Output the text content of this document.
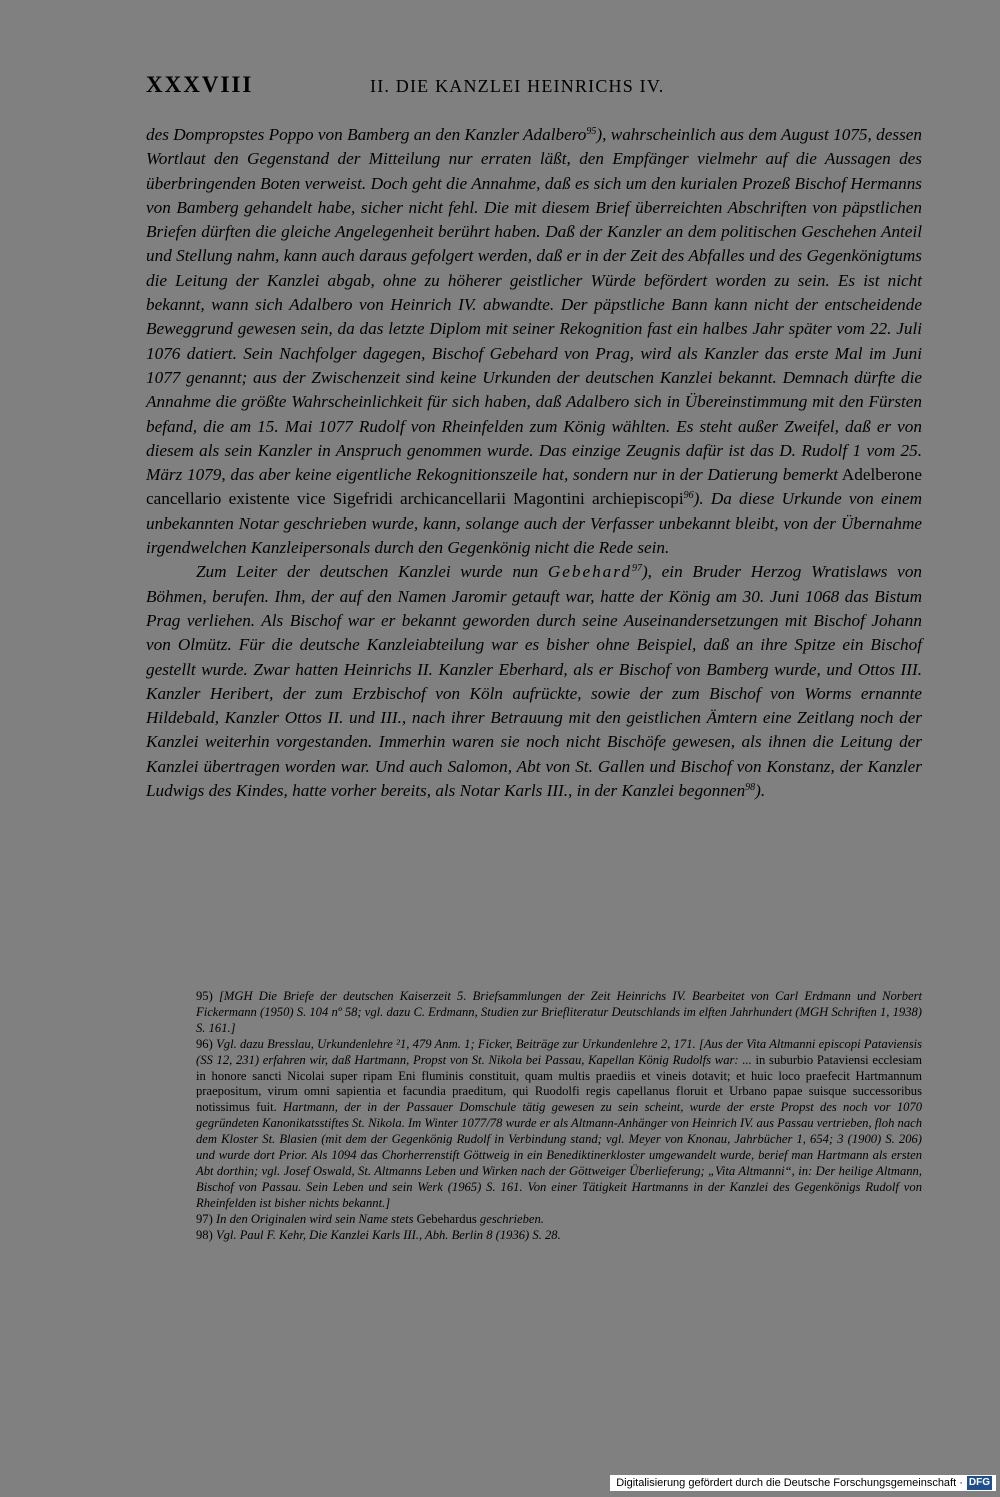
XXXVIII	II. DIE KANZLEI HEINRICHS IV.

des Dompropstes Poppo von Bamberg an den Kanzler Adalbero$^{95}$), wahrscheinlich aus dem August 1075, dessen Wortlaut den Gegenstand der Mitteilung nur erraten läßt, den Empfänger vielmehr auf die Aussagen des überbringenden Boten verweist. Doch geht die Annahme, daß es sich um den kurialen Prozeß Bischof Hermanns von Bamberg gehandelt habe, sicher nicht fehl. Die mit diesem Brief überreichten Abschriften von päpstlichen Briefen dürften die gleiche Angelegenheit berührt haben. Daß der Kanzler an dem politischen Geschehen Anteil und Stellung nahm, kann auch daraus gefolgert werden, daß er in der Zeit des Abfalles und des Gegenkönigtums die Leitung der Kanzlei abgab, ohne zu höherer geistlicher Würde befördert worden zu sein. Es ist nicht bekannt, wann sich Adalbero von Heinrich IV. abwandte. Der päpstliche Bann kann nicht der entscheidende Beweggrund gewesen sein, da das letzte Diplom mit seiner Rekognition fast ein halbes Jahr später vom 22. Juli 1076 datiert. Sein Nachfolger dagegen, Bischof Gebehard von Prag, wird als Kanzler das erste Mal im Juni 1077 genannt; aus der Zwischenzeit sind keine Urkunden der deutschen Kanzlei bekannt. Demnach dürfte die Annahme die größte Wahrscheinlichkeit für sich haben, daß Adalbero sich in Übereinstimmung mit den Fürsten befand, die am 15. Mai 1077 Rudolf von Rheinfelden zum König wählten. Es steht außer Zweifel, daß er von diesem als sein Kanzler in Anspruch genommen wurde. Das einzige Zeugnis dafür ist das D. Rudolf 1 vom 25. März 1079, das aber keine eigentliche Rekognitionszeile hat, sondern nur in der Datierung bemerkt Adelberone cancellario existente vice Sigefridi archicancellarii Magontini archiepiscopi$^{96}$). Da diese Urkunde von einem unbekannten Notar geschrieben wurde, kann, solange auch der Verfasser unbekannt bleibt, von der Übernahme irgendwelchen Kanzleipersonals durch den Gegenkönig nicht die Rede sein.

Zum Leiter der deutschen Kanzlei wurde nun Gebehard$^{97}$), ein Bruder Herzog Wratislaws von Böhmen, berufen. Ihm, der auf den Namen Jaromir getauft war, hatte der König am 30. Juni 1068 das Bistum Prag verliehen. Als Bischof war er bekannt geworden durch seine Auseinandersetzungen mit Bischof Johann von Olmütz. Für die deutsche Kanzleiabteilung war es bisher ohne Beispiel, daß an ihre Spitze ein Bischof gestellt wurde. Zwar hatten Heinrichs II. Kanzler Eberhard, als er Bischof von Bamberg wurde, und Ottos III. Kanzler Heribert, der zum Erzbischof von Köln aufrückte, sowie der zum Bischof von Worms ernannte Hildebald, Kanzler Ottos II. und III., nach ihrer Betrauung mit den geistlichen Ämtern eine Zeitlang noch der Kanzlei weiterhin vorgestanden. Immerhin waren sie noch nicht Bischöfe gewesen, als ihnen die Leitung der Kanzlei übertragen worden war. Und auch Salomon, Abt von St. Gallen und Bischof von Konstanz, der Kanzler Ludwigs des Kindes, hatte vorher bereits, als Notar Karls III., in der Kanzlei begonnen$^{98}$).

95) [MGH Die Briefe der deutschen Kaiserzeit 5. Briefsammlungen der Zeit Heinrichs IV. Bearbeitet von Carl Erdmann und Norbert Fickermann (1950) S. 104 nº 58; vgl. dazu C. Erdmann, Studien zur Briefliteratur Deutschlands im elften Jahrhundert (MGH Schriften 1, 1938) S. 161.]

96) Vgl. dazu Bresslau, Urkundenlehre ²1, 479 Anm. 1; Ficker, Beiträge zur Urkundenlehre 2, 171. [Aus der Vita Altmanni episcopi Pataviensis (SS 12, 231) erfahren wir, daß Hartmann, Propst von St. Nikola bei Passau, Kapellan König Rudolfs war: ... in suburbio Pataviensi ecclesiam in honore sancti Nicolai super ripam Eni fluminis constituit, quam multis praediis et vineis dotavit; et huic loco praefecit Hartmannum praepositum, virum omni sapientia et facundia praeditum, qui Ruodolfi regis capellanus floruit et Urbano papae suisque successoribus notissimus fuit. Hartmann, der in der Passauer Domschule tätig gewesen zu sein scheint, wurde der erste Propst des noch vor 1070 gegründeten Kanonikatsstiftes St. Nikola. Im Winter 1077/78 wurde er als Altmann-Anhänger von Heinrich IV. aus Passau vertrieben, floh nach dem Kloster St. Blasien (mit dem der Gegenkönig Rudolf in Verbindung stand; vgl. Meyer von Knonau, Jahrbücher 1, 654; 3 (1900) S. 206) und wurde dort Prior. Als 1094 das Chorherrenstift Göttweig in ein Benediktinerkloster umgewandelt wurde, berief man Hartmann als ersten Abt dorthin; vgl. Josef Oswald, St. Altmanns Leben und Wirken nach der Göttweiger Überlieferung; „Vita Altmanni“, in: Der heilige Altmann, Bischof von Passau. Sein Leben und sein Werk (1965) S. 161. Von einer Tätigkeit Hartmanns in der Kanzlei des Gegenkönigs Rudolf von Rheinfelden ist bisher nichts bekannt.]

97) In den Originalen wird sein Name stets Gebehardus geschrieben.

98) Vgl. Paul F. Kehr, Die Kanzlei Karls III., Abh. Berlin 8 (1936) S. 28.

Digitalisierung gefördert durch die Deutsche Forschungsgemeinschaft · DFG
